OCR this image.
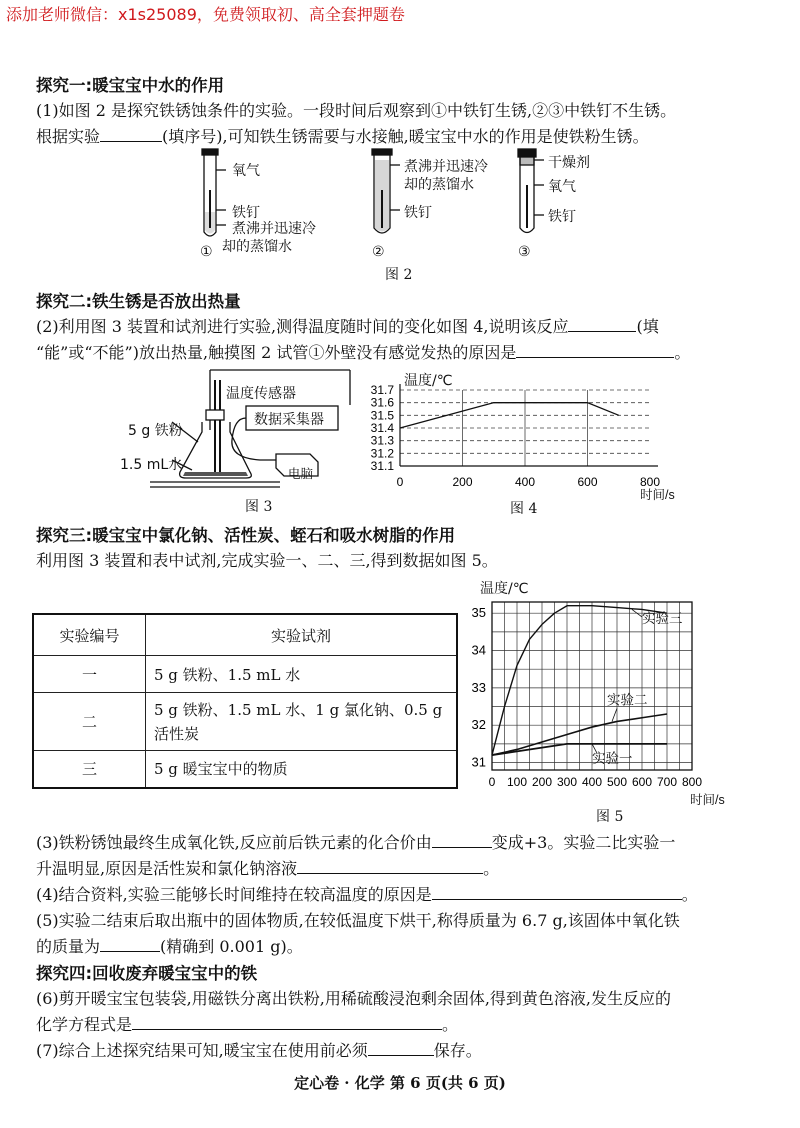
添加老师微信：x1s25089，免费领取初、高全套押题卷
探究一:暖宝宝中水的作用
(1)如图 2 是探究铁锈蚀条件的实验。一段时间后观察到①中铁钉生锈,②③中铁钉不生锈。
根据实验	(填序号),可知铁生锈需要与水接触,暖宝宝中水的作用是使铁粉生锈。
氧气
铁钉
煮沸并迅速冷
却的蒸馏水
①
煮沸并迅速冷
却的蒸馏水
铁钉
②
干燥剂
氧气
铁钉
③
图 2
探究二:铁生锈是否放出热量
(2)利用图 3 装置和试剂进行实验,测得温度随时间的变化如图 4,说明该反应	(填
“能”或“不能”)放出热量,触摸图 2 试管①外壁没有感觉发热的原因是	。
温度传感器
数据采集器
5 g 铁粉
1.5 mL水
电脑
图 3
温度/℃
31.7
31.6
31.5
31.4
31.3
31.2
31.1
0	200	400	600	800
时间/s
图 4
探究三:暖宝宝中氯化钠、活性炭、蛭石和吸水树脂的作用
利用图 3 装置和表中试剂,完成实验一、二、三,得到数据如图 5。
实验编号	实验试剂
一	5 g 铁粉、1.5 mL 水
二	5 g 铁粉、1.5 mL 水、1 g 氯化钠、0.5 g 活性炭
三	5 g 暖宝宝中的物质
温度/℃
35
34
33
32
31
0 100 200 300 400 500 600 700 800
实验三
实验二
实验一
时间/s
图 5
(3)铁粉锈蚀最终生成氧化铁,反应前后铁元素的化合价由	变成+3。实验二比实验一
升温明显,原因是活性炭和氯化钠溶液	。
(4)结合资料,实验三能够长时间维持在较高温度的原因是	。
(5)实验二结束后取出瓶中的固体物质,在较低温度下烘干,称得质量为 6.7 g,该固体中氧化铁
的质量为	(精确到 0.001 g)。
探究四:回收废弃暖宝宝中的铁
(6)剪开暖宝宝包装袋,用磁铁分离出铁粉,用稀硫酸浸泡剩余固体,得到黄色溶液,发生反应的
化学方程式是	。
(7)综合上述探究结果可知,暖宝宝在使用前必须	保存。
定心卷 · 化学 第 6 页(共 6 页)
